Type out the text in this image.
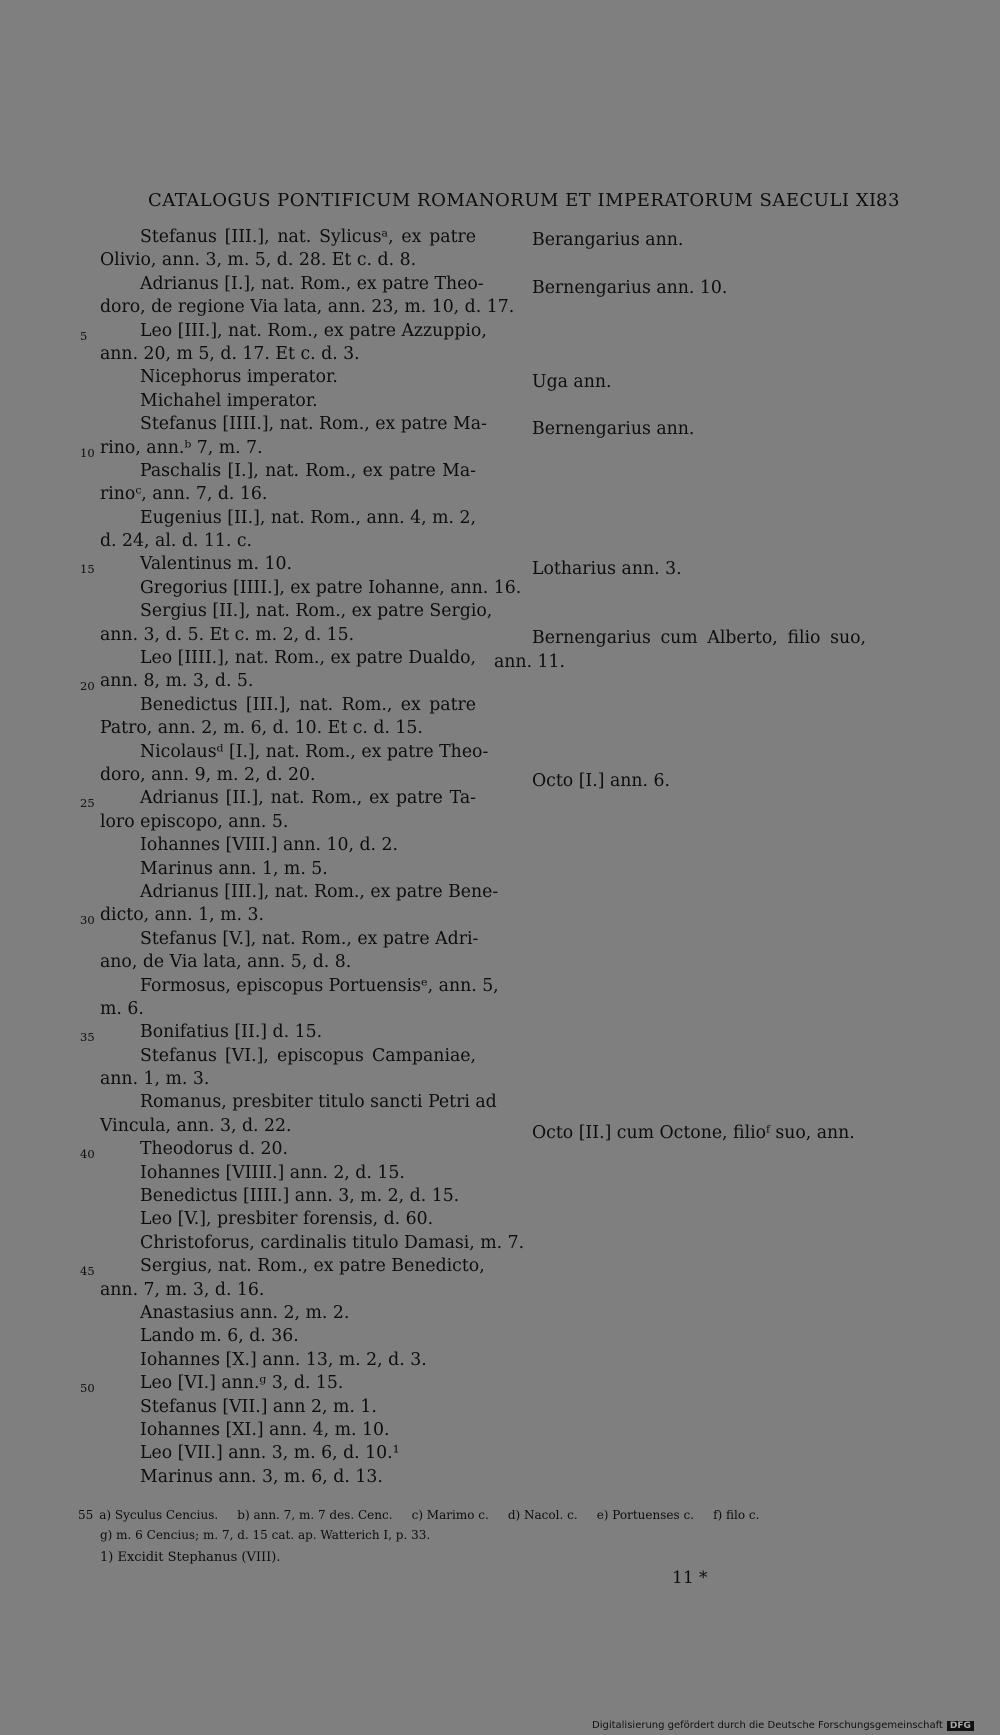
CATALOGUS PONTIFICUM ROMANORUM ET IMPERATORUM SAECULI XI.
83
Stefanus [III.], nat. Sylicusᵃ, ex patre
Olivio, ann. 3, m. 5, d. 28. Et c. d. 8.
Adrianus [I.], nat. Rom., ex patre Theo-
doro, de regione Via lata, ann. 23, m. 10, d. 17.
5	Leo [III.], nat. Rom., ex patre Azzuppio,
ann. 20, m 5, d. 17. Et c. d. 3.
Nicephorus imperator.
Michahel imperator.
Stefanus [IIII.], nat. Rom., ex patre Ma-
10 rino, ann.ᵇ 7, m. 7.
Paschalis [I.], nat. Rom., ex patre Ma-
rinoᶜ, ann. 7, d. 16.
Eugenius [II.], nat. Rom., ann. 4, m. 2,
d. 24, al. d. 11. c.
15	Valentinus m. 10.
Gregorius [IIII.], ex patre Iohanne, ann. 16.
Sergius [II.], nat. Rom., ex patre Sergio,
ann. 3, d. 5. Et c. m. 2, d. 15.
Leo [IIII.], nat. Rom., ex patre Dualdo,
20 ann. 8, m. 3, d. 5.
Benedictus [III.], nat. Rom., ex patre
Patro, ann. 2, m. 6, d. 10. Et c. d. 15.
Nicolausᵈ [I.], nat. Rom., ex patre Theo-
doro, ann. 9, m. 2, d. 20.
25	Adrianus [II.], nat. Rom., ex patre Ta-
loro episcopo, ann. 5.
Iohannes [VIII.] ann. 10, d. 2.
Marinus ann. 1, m. 5.
Adrianus [III.], nat. Rom., ex patre Bene-
30 dicto, ann. 1, m. 3.
Stefanus [V.], nat. Rom., ex patre Adri-
ano, de Via lata, ann. 5, d. 8.
Formosus, episcopus Portuensisᵉ, ann. 5,
m. 6.
35	Bonifatius [II.] d. 15.
Stefanus [VI.], episcopus Campaniae,
ann. 1, m. 3.
Romanus, presbiter titulo sancti Petri ad
Vincula, ann. 3, d. 22.
40	Theodorus d. 20.
Iohannes [VIIII.] ann. 2, d. 15.
Benedictus [IIII.] ann. 3, m. 2, d. 15.
Leo [V.], presbiter forensis, d. 60.
Christoforus, cardinalis titulo Damasi, m. 7.
45	Sergius, nat. Rom., ex patre Benedicto,
ann. 7, m. 3, d. 16.
Anastasius ann. 2, m. 2.
Lando m. 6, d. 36.
Iohannes [X.] ann. 13, m. 2, d. 3.
50	Leo [VI.] ann.ᵍ 3, d. 15.
Stefanus [VII.] ann 2, m. 1.
Iohannes [XI.] ann. 4, m. 10.
Leo [VII.] ann. 3, m. 6, d. 10.¹
Marinus ann. 3, m. 6, d. 13.
Berangarius ann.
Bernengarius ann. 10.
Uga ann.
Bernengarius ann.
Lotharius ann. 3.
Bernengarius cum Alberto, filio suo,
ann. 11.
Octo [I.] ann. 6.
Octo [II.] cum Octone, filioᶠ suo, ann.
55 a) Syculus Cencius.     b) ann. 7, m. 7 des. Cenc.     c) Marimo c.     d) Nacol. c.     e) Portuenses c.     f) filo c.
g) m. 6 Cencius; m. 7, d. 15 cat. ap. Watterich I, p. 33.
1) Excidit Stephanus (VIII).
11 *
Digitalisierung gefördert durch die Deutsche Forschungsgemeinschaft DFG
